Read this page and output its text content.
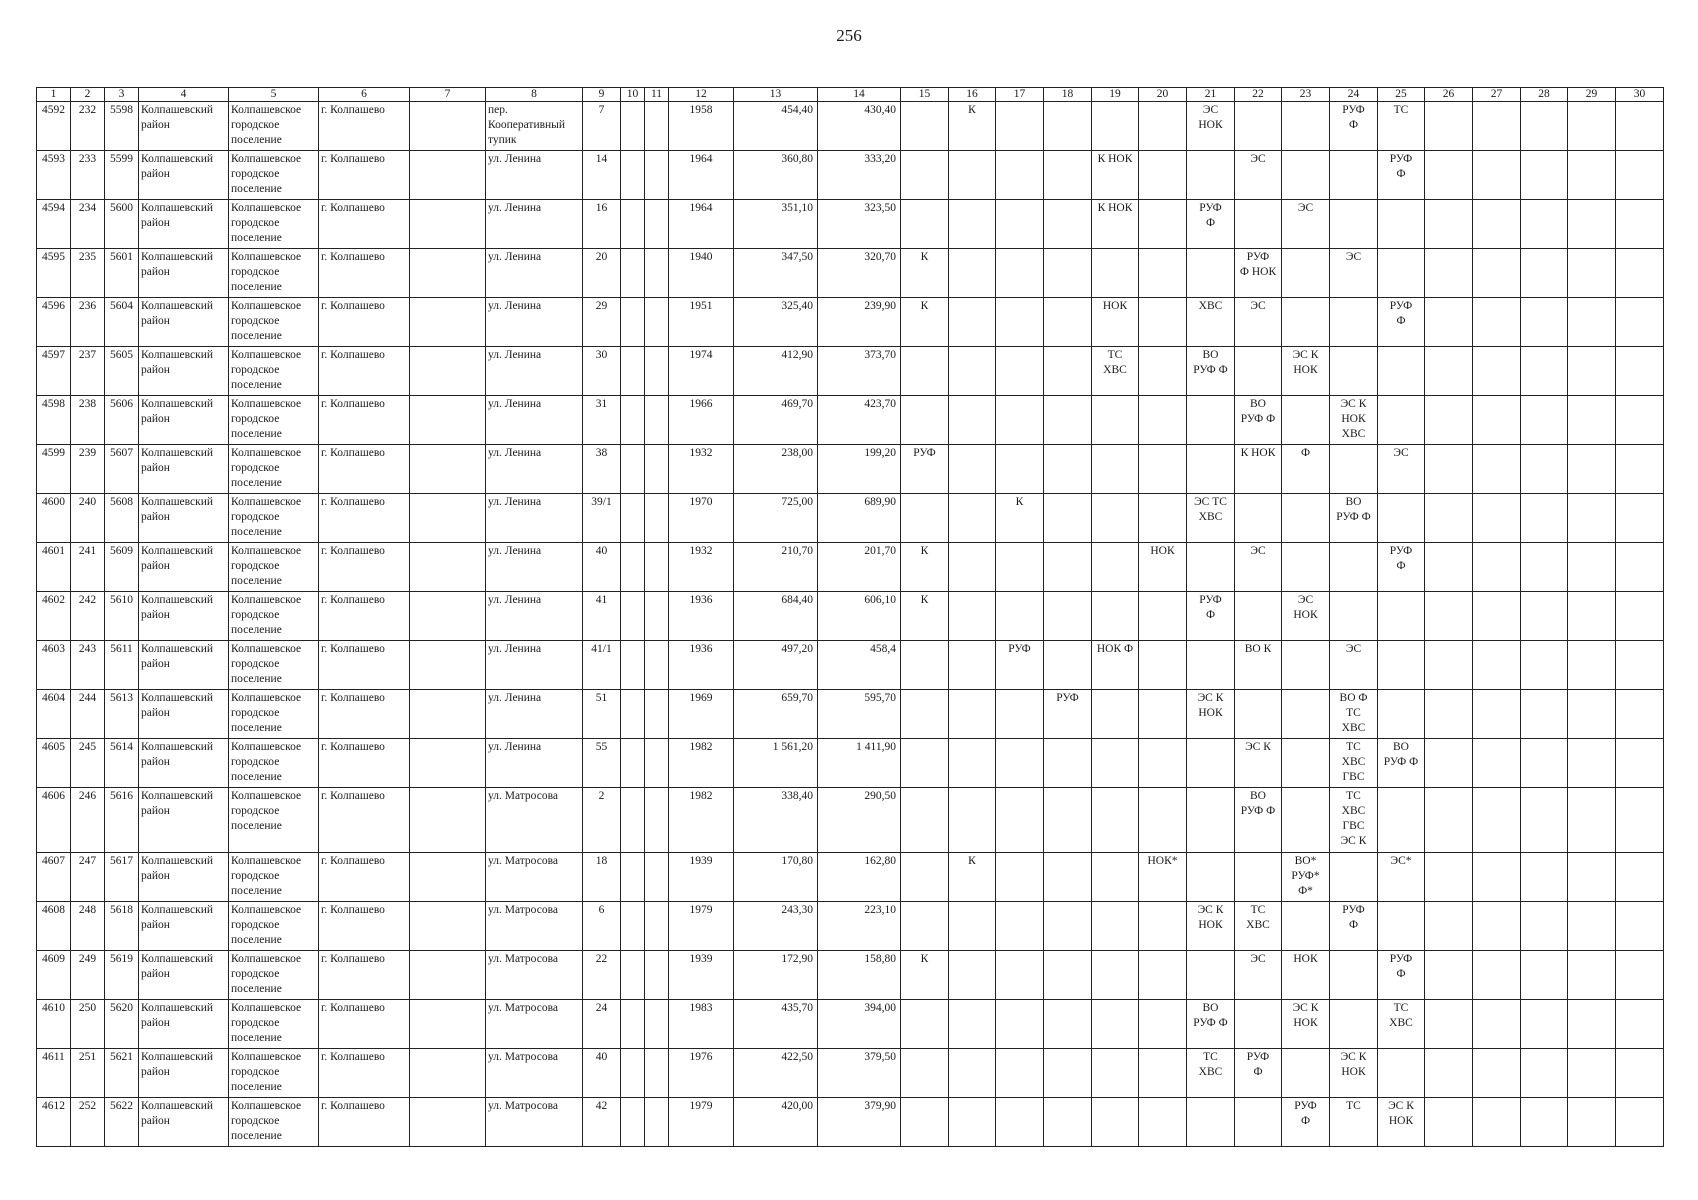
256
1	2	3	4	5	6	7	8	9	10	11	12	13	14	15	16	17	18	19	20	21	22	23	24	25	26	27	28	29	30
4592	232	5598	Колпашевский район	Колпашевское городское поселение	г. Колпашево		пер. Кооперативный тупик	7			1958	454,40	430,40		К					ЭС
НОК			РУФ
Ф	ТС					
4593	233	5599	Колпашевский район	Колпашевское городское поселение	г. Колпашево		ул. Ленина	14			1964	360,80	333,20					К НОК			ЭС			РУФ
Ф					
4594	234	5600	Колпашевский район	Колпашевское городское поселение	г. Колпашево		ул. Ленина	16			1964	351,10	323,50					К НОК		РУФ
Ф		ЭС							
4595	235	5601	Колпашевский район	Колпашевское городское поселение	г. Колпашево		ул. Ленина	20			1940	347,50	320,70	К							РУФ
Ф НОК		ЭС						
4596	236	5604	Колпашевский район	Колпашевское городское поселение	г. Колпашево		ул. Ленина	29			1951	325,40	239,90	К				НОК		ХВС	ЭС			РУФ
Ф					
4597	237	5605	Колпашевский район	Колпашевское городское поселение	г. Колпашево		ул. Ленина	30			1974	412,90	373,70					ТС
ХВС		ВО
РУФ Ф		ЭС К
НОК							
4598	238	5606	Колпашевский район	Колпашевское городское поселение	г. Колпашево		ул. Ленина	31			1966	469,70	423,70								ВО
РУФ Ф		ЭС К
НОК
ХВС						
4599	239	5607	Колпашевский район	Колпашевское городское поселение	г. Колпашево		ул. Ленина	38			1932	238,00	199,20	РУФ							К НОК	Ф		ЭС					
4600	240	5608	Колпашевский район	Колпашевское городское поселение	г. Колпашево		ул. Ленина	39/1			1970	725,00	689,90			К				ЭС ТС
ХВС			ВО
РУФ Ф						
4601	241	5609	Колпашевский район	Колпашевское городское поселение	г. Колпашево		ул. Ленина	40			1932	210,70	201,70	К					НОК		ЭС			РУФ
Ф					
4602	242	5610	Колпашевский район	Колпашевское городское поселение	г. Колпашево		ул. Ленина	41			1936	684,40	606,10	К						РУФ
Ф		ЭС
НОК							
4603	243	5611	Колпашевский район	Колпашевское городское поселение	г. Колпашево		ул. Ленина	41/1			1936	497,20	458,4			РУФ		НОК Ф			ВО К		ЭС						
4604	244	5613	Колпашевский район	Колпашевское городское поселение	г. Колпашево		ул. Ленина	51			1969	659,70	595,70				РУФ			ЭС К
НОК			ВО Ф
ТС
ХВС						
4605	245	5614	Колпашевский район	Колпашевское городское поселение	г. Колпашево		ул. Ленина	55			1982	1 561,20	1 411,90								ЭС К		ТС
ХВС
ГВС	ВО
РУФ Ф					
4606	246	5616	Колпашевский район	Колпашевское городское поселение	г. Колпашево		ул. Матросова	2			1982	338,40	290,50								ВО
РУФ Ф		ТС
ХВС
ГВС
ЭС К						
4607	247	5617	Колпашевский район	Колпашевское городское поселение	г. Колпашево		ул. Матросова	18			1939	170,80	162,80		К				НОК*			ВО*
РУФ*
Ф*		ЭС*					
4608	248	5618	Колпашевский район	Колпашевское городское поселение	г. Колпашево		ул. Матросова	6			1979	243,30	223,10							ЭС К
НОК	ТС
ХВС		РУФ
Ф						
4609	249	5619	Колпашевский район	Колпашевское городское поселение	г. Колпашево		ул. Матросова	22			1939	172,90	158,80	К							ЭС	НОК		РУФ
Ф					
4610	250	5620	Колпашевский район	Колпашевское городское поселение	г. Колпашево		ул. Матросова	24			1983	435,70	394,00							ВО
РУФ Ф		ЭС К
НОК		ТС
ХВС					
4611	251	5621	Колпашевский район	Колпашевское городское поселение	г. Колпашево		ул. Матросова	40			1976	422,50	379,50							ТС
ХВС	РУФ
Ф		ЭС К
НОК						
4612	252	5622	Колпашевский район	Колпашевское городское поселение	г. Колпашево		ул. Матросова	42			1979	420,00	379,90									РУФ
Ф	ТС	ЭС К
НОК					
